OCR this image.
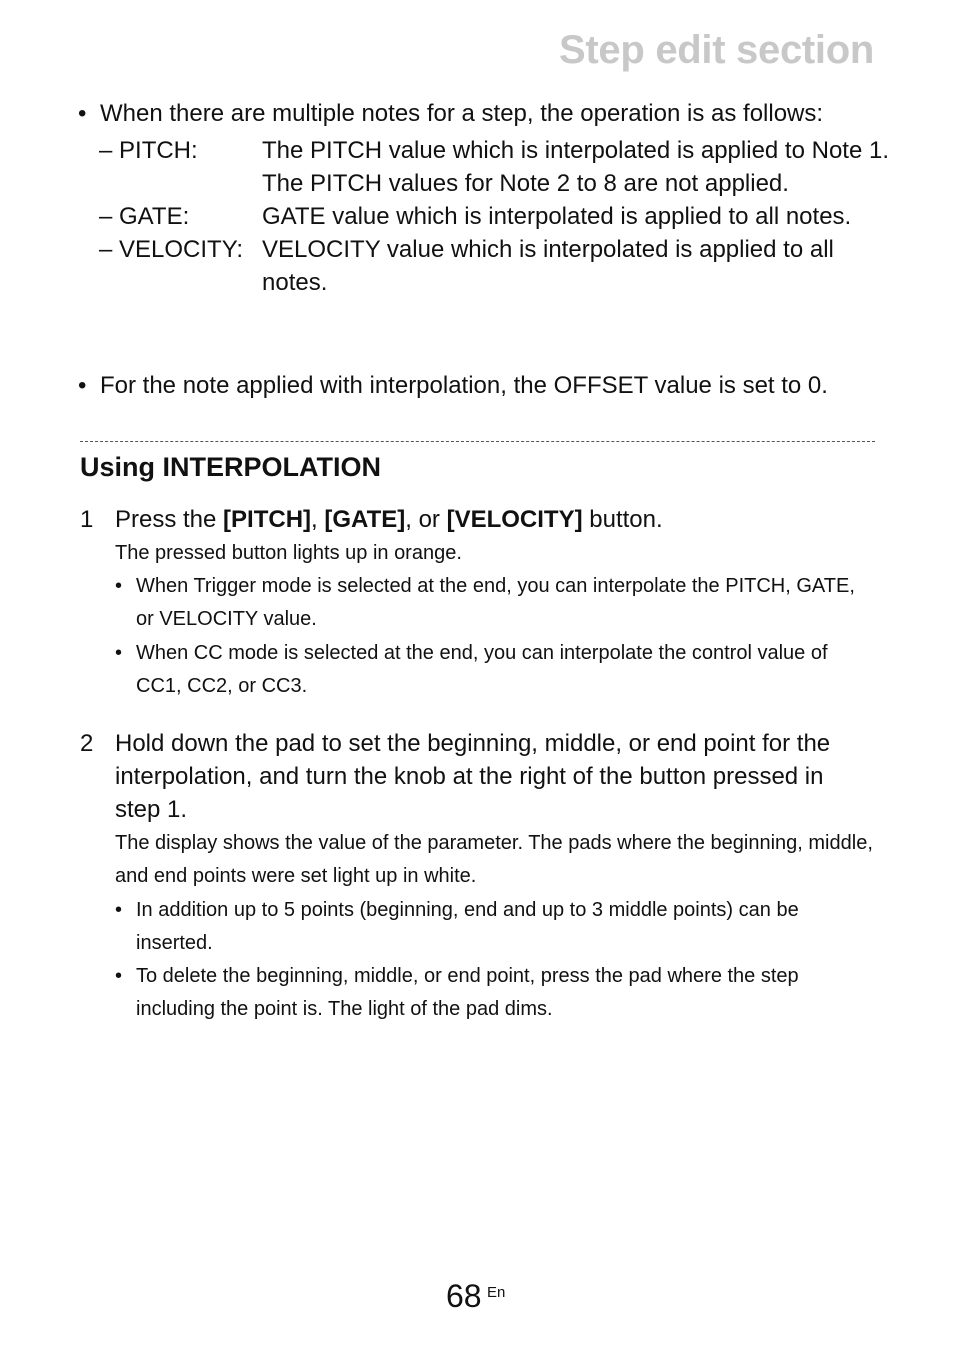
Step edit section
• When there are multiple notes for a step, the operation is as follows:
– PITCH:	The PITCH value which is interpolated is applied to Note 1. The PITCH values for Note 2 to 8 are not applied.
– GATE:	GATE value which is interpolated is applied to all notes.
– VELOCITY: VELOCITY value which is interpolated is applied to all notes.
• For the note applied with interpolation, the OFFSET value is set to 0.
Using INTERPOLATION
1 Press the [PITCH], [GATE], or [VELOCITY] button.
The pressed button lights up in orange.
• When Trigger mode is selected at the end, you can interpolate the PITCH, GATE, or VELOCITY value.
• When CC mode is selected at the end, you can interpolate the control value of CC1, CC2, or CC3.
2 Hold down the pad to set the beginning, middle, or end point for the interpolation, and turn the knob at the right of the button pressed in step 1.
The display shows the value of the parameter. The pads where the beginning, middle, and end points were set light up in white.
• In addition up to 5 points (beginning, end and up to 3 middle points) can be inserted.
• To delete the beginning, middle, or end point, press the pad where the step including the point is. The light of the pad dims.
68 En
